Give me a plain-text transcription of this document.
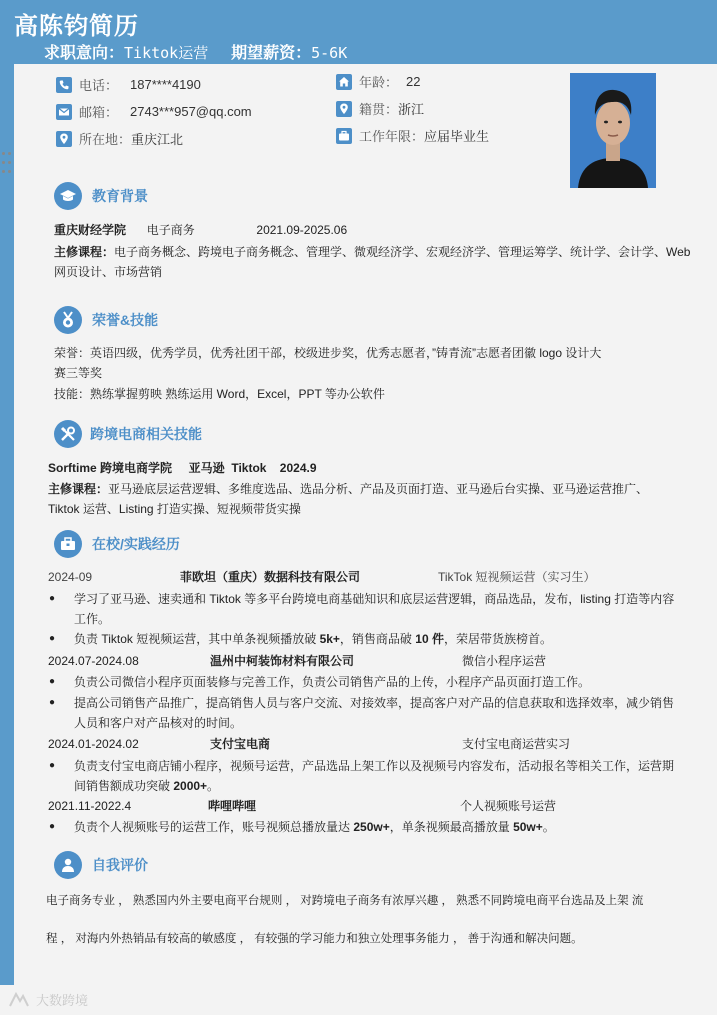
高陈钧简历
求职意向：Tiktok运营 期望薪资：5-6K
电话： 187****4190
邮箱： 2743***957@qq.com
所在地： 重庆江北
年龄： 22
籍贯： 浙江
工作年限： 应届毕业生
教育背景
重庆财经学院 电子商务	2021.09-2025.06
主修课程：电子商务概念、跨境电子商务概念、管理学、微观经济学、宏观经济学、管理运筹学、统计学、会计学、Web
网页设计、市场营销
荣誉&技能
荣誉：英语四级，优秀学员，优秀社团干部，校级进步奖，优秀志愿者，”铸青流”志愿者团徽 logo 设计大
赛三等奖
技能：熟练掌握剪映 熟练运用 Word，Excel，PPT 等办公软件
跨境电商相关技能
Sorftime 跨境电商学院     亚马逊  Tiktok    2024.9
主修课程：亚马逊底层运营逻辑、多维度选品、选品分析、产品及页面打造、亚马逊后台实操、亚马逊运营推广、
Tiktok 运营、Listing 打造实操、短视频带货实操
在校/实践经历
2024-09	菲欧坦（重庆）数据科技有限公司	TikTok 短视频运营（实习生）
● 学习了亚马逊、速卖通和 Tiktok 等多平台跨境电商基础知识和底层运营逻辑，商品选品，发布，listing 打造等内容
工作。
● 负责 Tiktok 短视频运营，其中单条视频播放破 5k+，销售商品破 10 件，荣居带货族榜首。
2024.07-2024.08	温州中柯装饰材料有限公司	微信小程序运营
● 负责公司微信小程序页面装修与完善工作，负责公司销售产品的上传，小程序产品页面打造工作。
● 提高公司销售产品推广，提高销售人员与客户交流、对接效率，提高客户对产品的信息获取和选择效率，减少销售
人员和客户对产品核对的时间。
2024.01-2024.02	支付宝电商	支付宝电商运营实习
● 负责支付宝电商店铺小程序，视频号运营，产品选品上架工作以及视频号内容发布，活动报名等相关工作，运营期
间销售额成功突破 2000+。
2021.11-2022.4	哔哩哔哩	个人视频账号运营
● 负责个人视频账号的运营工作，账号视频总播放量达 250w+，单条视频最高播放量 50w+。
自我评价
电子商务专业 ， 熟悉国内外主要电商平台规则 ， 对跨境电子商务有浓厚兴趣 ， 熟悉不同跨境电商平台选品及上架 流
程 ， 对海内外热销品有较高的敏感度 ， 有较强的学习能力和独立处理事务能力 ， 善于沟通和解决问题。
大数跨境
